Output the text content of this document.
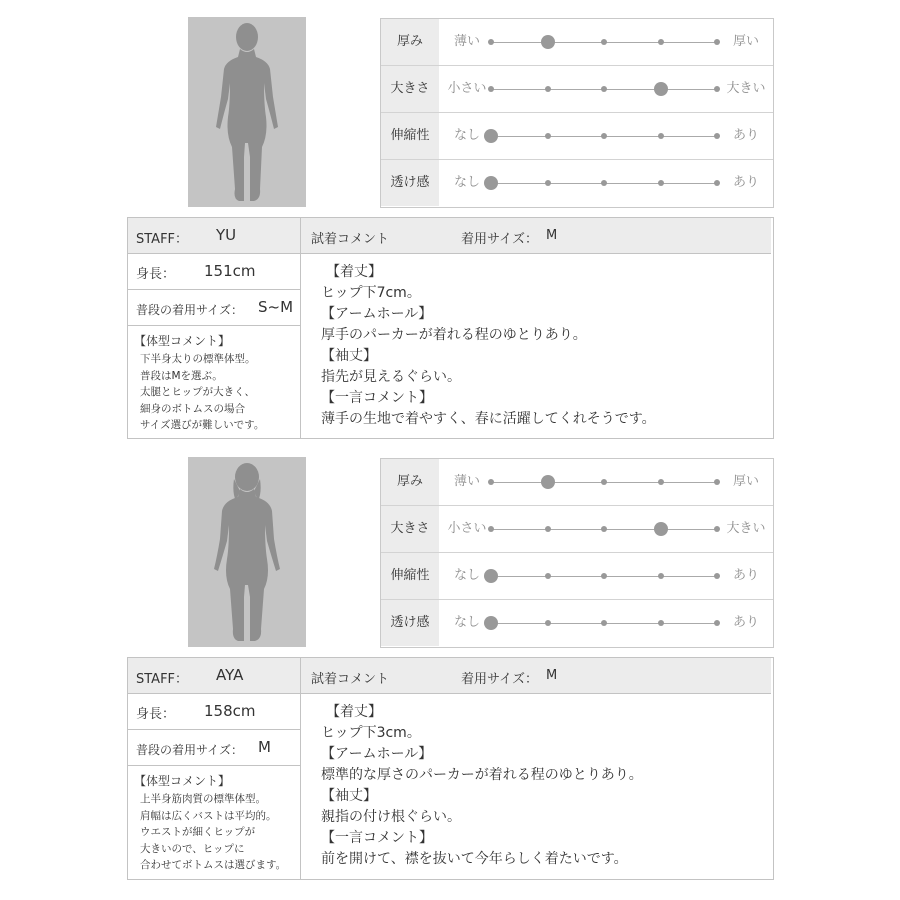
厚み	薄い	厚い
大きさ	小さい	大きい
伸縮性	なし	あり
透け感	なし	あり
STAFF： YU
身長： 151cm
普段の着用サイズ： S~M
【体型コメント】
下半身太りの標準体型。
普段はMを選ぶ。
太腿とヒップが大きく、
細身のボトムスの場合
サイズ選びが難しいです。
試着コメント	着用サイズ： M
【着丈】
ヒップ下7cm。
【アームホール】
厚手のパーカーが着れる程のゆとりあり。
【袖丈】
指先が見えるぐらい。
【一言コメント】
薄手の生地で着やすく、春に活躍してくれそうです。
厚み	薄い	厚い
大きさ	小さい	大きい
伸縮性	なし	あり
透け感	なし	あり
STAFF： AYA
身長： 158cm
普段の着用サイズ： M
【体型コメント】
上半身筋肉質の標準体型。
肩幅は広くバストは平均的。
ウエストが細くヒップが
大きいので、ヒップに
合わせてボトムスは選びます。
試着コメント	着用サイズ： M
【着丈】
ヒップ下3cm。
【アームホール】
標準的な厚さのパーカーが着れる程のゆとりあり。
【袖丈】
親指の付け根ぐらい。
【一言コメント】
前を開けて、襟を抜いて今年らしく着たいです。
